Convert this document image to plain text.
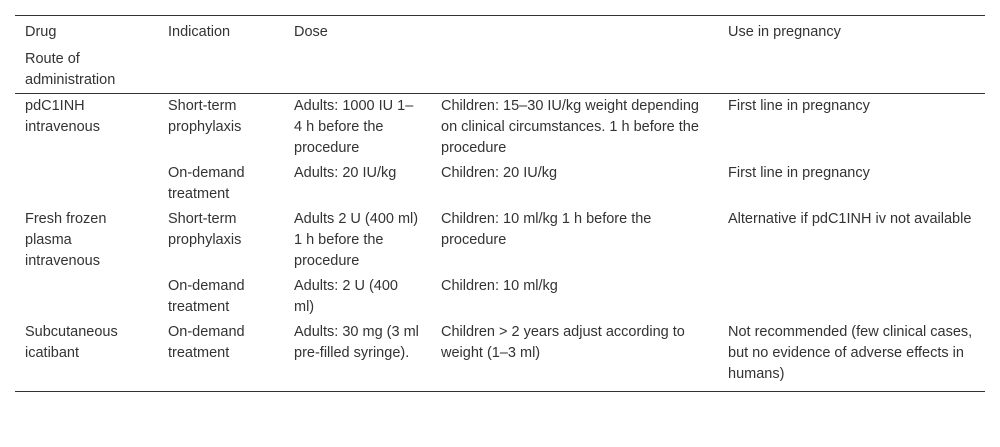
Drug	Indication	Dose		Use in pregnancy
Route of administration				
pdC1INH intravenous	Short-term prophylaxis	Adults: 1000 IU 1–4 h before the procedure	Children: 15–30 IU/kg weight depending on clinical circumstances. 1 h before the procedure	First line in pregnancy
	On-demand treatment	Adults: 20 IU/kg	Children: 20 IU/kg	First line in pregnancy
Fresh frozen plasma intravenous	Short-term prophylaxis	Adults 2 U (400 ml) 1 h before the procedure	Children: 10 ml/kg 1 h before the procedure	Alternative if pdC1INH iv not available
	On-demand treatment	Adults: 2 U (400 ml)	Children: 10 ml/kg	
Subcutaneous icatibant	On-demand treatment	Adults: 30 mg (3 ml pre-filled syringe).	Children > 2 years adjust according to weight (1–3 ml)	Not recommended (few clinical cases, but no evidence of adverse effects in humans)
